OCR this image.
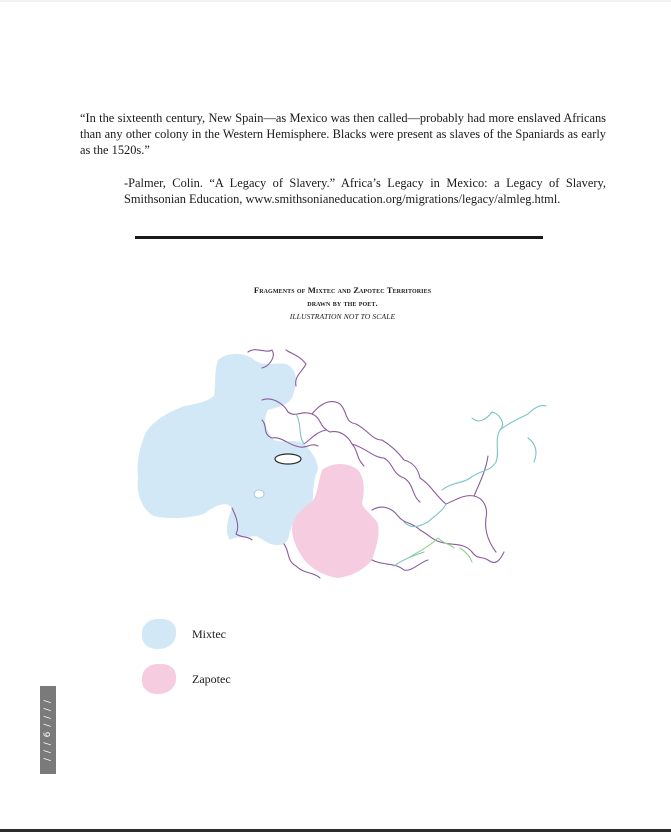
“In the sixteenth century, New Spain—as Mexico was then called—probably had more enslaved Africans than any other colony in the Western Hemisphere. Blacks were present as slaves of the Spaniards as early as the 1520s.”

-Palmer, Colin. “A Legacy of Slavery.” Africa’s Legacy in Mexico: a Legacy of Slavery, Smithsonian Education, www.smithsonianeducation.org/migrations/legacy/almleg.html.

Fragments of Mixtec and Zapotec Territories
drawn by the poet.
ILLUSTRATION NOT TO SCALE
Mixtec
Zapotec
/ / / 6 / / / /
